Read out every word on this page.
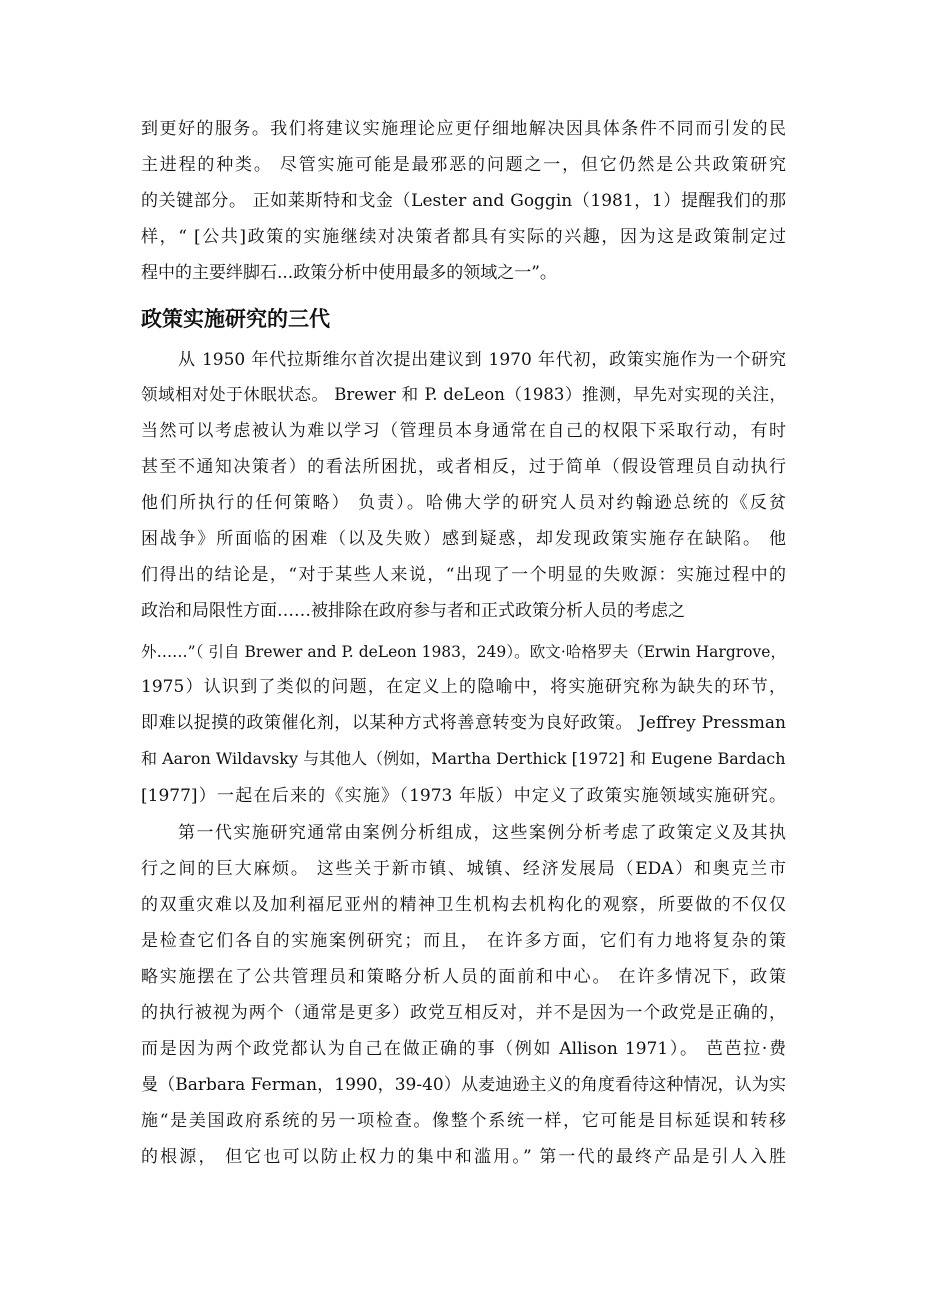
到更好的服务。我们将建议实施理论应更仔细地解决因具体条件不同而引发的民
主进程的种类。 尽管实施可能是最邪恶的问题之一，但它仍然是公共政策研究
的关键部分。 正如莱斯特和戈金（Lester and Goggin（1981，1）提醒我们的那
样，“ [公共]政策的实施继续对决策者都具有实际的兴趣，因为这是政策制定过
程中的主要绊脚石...政策分析中使用最多的领域之一”。
政策实施研究的三代
从 1950 年代拉斯维尔首次提出建议到 1970 年代初，政策实施作为一个研究
领域相对处于休眠状态。 Brewer 和 P. deLeon（1983）推测，早先对实现的关注，
当然可以考虑被认为难以学习（管理员本身通常在自己的权限下采取行动，有时
甚至不通知决策者）的看法所困扰，或者相反，过于简单（假设管理员自动执行
他们所执行的任何策略） 负责）。哈佛大学的研究人员对约翰逊总统的《反贫
困战争》所面临的困难（以及失败）感到疑惑，却发现政策实施存在缺陷。 他
们得出的结论是，“对于某些人来说，“出现了一个明显的失败源：实施过程中的
政治和局限性方面……被排除在政府参与者和正式政策分析人员的考虑之
外……”（ 引自 Brewer and P. deLeon 1983，249）。欧文·哈格罗夫（Erwin Hargrove，
1975）认识到了类似的问题，在定义上的隐喻中，将实施研究称为缺失的环节，
即难以捉摸的政策催化剂，以某种方式将善意转变为良好政策。 Jeffrey Pressman
和 Aaron Wildavsky 与其他人（例如，Martha Derthick [1972] 和 Eugene Bardach
[1977]）一起在后来的《实施》（1973 年版）中定义了政策实施领域实施研究。
第一代实施研究通常由案例分析组成，这些案例分析考虑了政策定义及其执
行之间的巨大麻烦。 这些关于新市镇、城镇、经济发展局（EDA）和奥克兰市
的双重灾难以及加利福尼亚州的精神卫生机构去机构化的观察，所要做的不仅仅
是检查它们各自的实施案例研究；而且， 在许多方面，它们有力地将复杂的策
略实施摆在了公共管理员和策略分析人员的面前和中心。 在许多情况下，政策
的执行被视为两个（通常是更多）政党互相反对，并不是因为一个政党是正确的，
而是因为两个政党都认为自己在做正确的事（例如 Allison 1971）。 芭芭拉·费
曼（Barbara Ferman，1990，39-40）从麦迪逊主义的角度看待这种情况，认为实
施“是美国政府系统的另一项检查。像整个系统一样，它可能是目标延误和转移
的根源， 但它也可以防止权力的集中和滥用。” 第一代的最终产品是引人入胜
